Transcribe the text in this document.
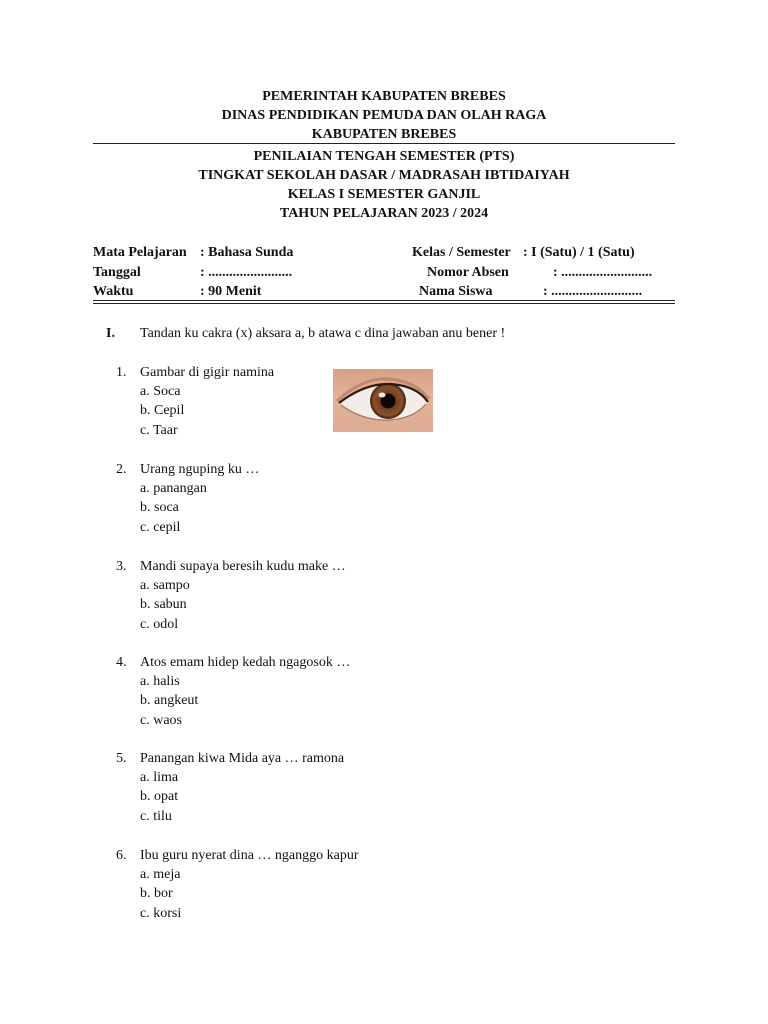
PEMERINTAH KABUPATEN BREBES

DINAS PENDIDIKAN PEMUDA DAN OLAH RAGA

KABUPATEN BREBES

PENILAIAN TENGAH SEMESTER (PTS)

TINGKAT SEKOLAH DASAR / MADRASAH IBTIDAIYAH

KELAS I SEMESTER GANJIL

TAHUN PELAJARAN 2023 / 2024

Mata Pelajaran : Bahasa Sunda	Kelas / Semester : I (Satu) / 1 (Satu)
Tanggal	: ........................	Nomor Absen	: ..........................
Waktu	: 90 Menit	Nama Siswa	: ..........................
I. Tandan ku cakra (x) aksara a, b atawa c dina jawaban anu bener !
1. Gambar di gigir namina
a. Soca
b. Cepil
c. Taar
2. Urang nguping ku …
a. panangan
b. soca
c. cepil
3. Mandi supaya beresih kudu make …
a. sampo
b. sabun
c. odol
4. Atos emam hidep kedah ngagosok …
a. halis
b. angkeut
c. waos
5. Panangan kiwa Mida aya … ramona
a. lima
b. opat
c. tilu
6. Ibu guru nyerat dina … nganggo kapur
a. meja
b. bor
c. korsi
